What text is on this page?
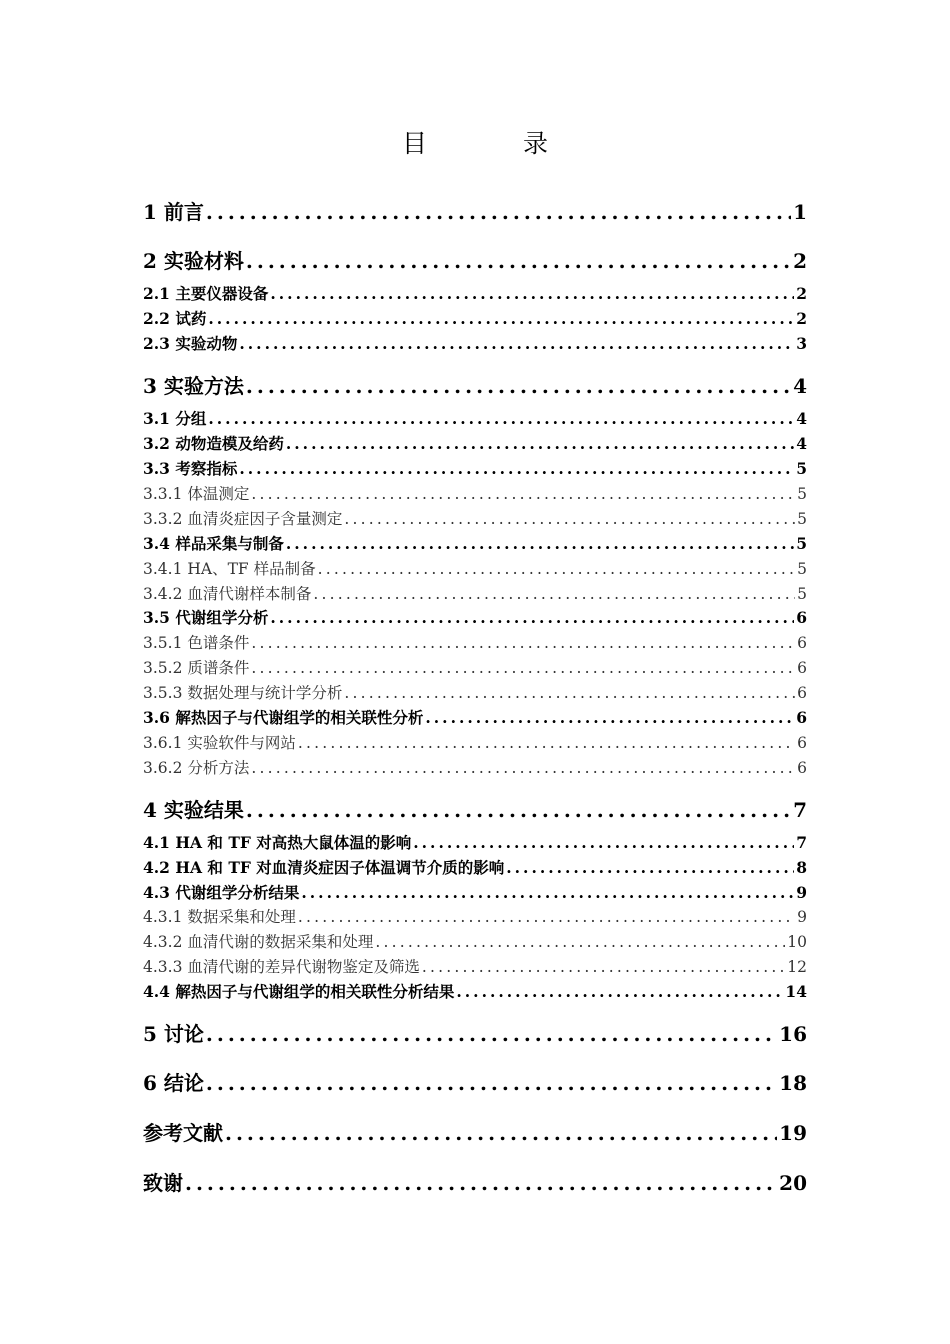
目 录
1 前言 .....	1
2 实验材料 .....	2
2.1 主要仪器设备 .....	2
2.2 试药 .....	2
2.3 实验动物 .....	3
3 实验方法 .....	4
3.1 分组 .....	4
3.2 动物造模及给药 .....	4
3.3 考察指标 .....	5
3.3.1 体温测定 .....	5
3.3.2 血清炎症因子含量测定 .....	5
3.4 样品采集与制备 .....	5
3.4.1 HA、TF 样品制备 .....	5
3.4.2 血清代谢样本制备 .....	5
3.5 代谢组学分析 .....	6
3.5.1 色谱条件 .....	6
3.5.2 质谱条件 .....	6
3.5.3 数据处理与统计学分析 .....	6
3.6 解热因子与代谢组学的相关联性分析 .....	6
3.6.1 实验软件与网站 .....	6
3.6.2 分析方法 .....	6
4 实验结果 .....	7
4.1 HA 和 TF 对高热大鼠体温的影响 .....	7
4.2 HA 和 TF 对血清炎症因子体温调节介质的影响 .....	8
4.3 代谢组学分析结果 .....	9
4.3.1 数据采集和处理 .....	9
4.3.2 血清代谢的数据采集和处理 .....	10
4.3.3 血清代谢的差异代谢物鉴定及筛选 .....	12
4.4 解热因子与代谢组学的相关联性分析结果 .....	14
5 讨论 .....	16
6 结论 .....	18
参考文献 .....	19
致谢 .....	20
